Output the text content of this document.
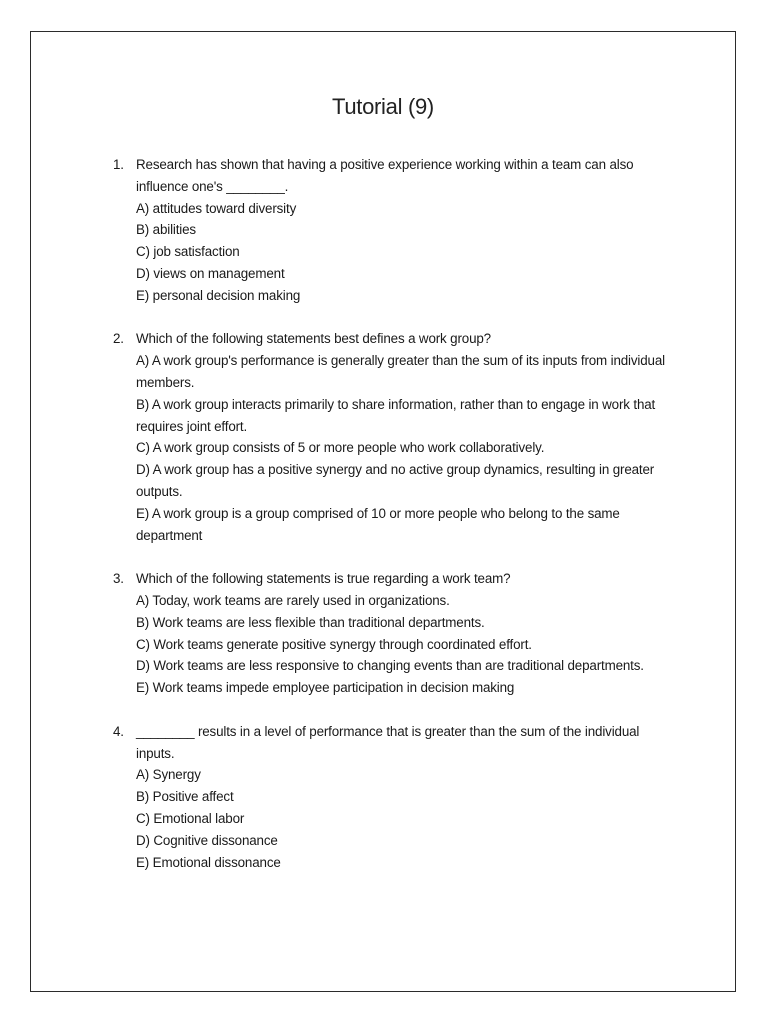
Tutorial (9)
1. Research has shown that having a positive experience working within a team can also influence one's ________.
A) attitudes toward diversity
B) abilities
C) job satisfaction
D) views on management
E) personal decision making
2. Which of the following statements best defines a work group?
A) A work group's performance is generally greater than the sum of its inputs from individual members.
B) A work group interacts primarily to share information, rather than to engage in work that requires joint effort.
C) A work group consists of 5 or more people who work collaboratively.
D) A work group has a positive synergy and no active group dynamics, resulting in greater outputs.
E) A work group is a group comprised of 10 or more people who belong to the same department
3. Which of the following statements is true regarding a work team?
A) Today, work teams are rarely used in organizations.
B) Work teams are less flexible than traditional departments.
C) Work teams generate positive synergy through coordinated effort.
D) Work teams are less responsive to changing events than are traditional departments.
E) Work teams impede employee participation in decision making
4. ________ results in a level of performance that is greater than the sum of the individual inputs.
A) Synergy
B) Positive affect
C) Emotional labor
D) Cognitive dissonance
E) Emotional dissonance
